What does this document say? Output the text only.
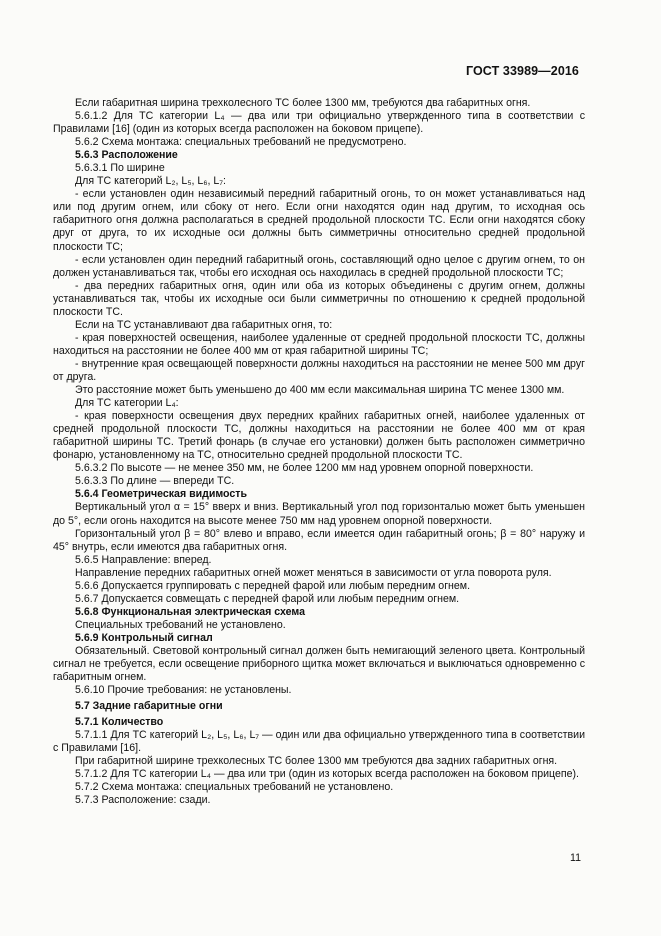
ГОСТ 33989—2016

Если габаритная ширина трехколесного ТС более 1300 мм, требуются два габаритных огня.

5.6.1.2 Для ТС категории L₄ — два или три официально утвержденного типа в соответствии с Правилами [16] (один из которых всегда расположен на боковом прицепе).

5.6.2 Схема монтажа: специальных требований не предусмотрено.

5.6.3 Расположение

5.6.3.1 По ширине

Для ТС категорий L₂, L₅, L₆, L₇:

- если установлен один независимый передний габаритный огонь, то он может устанавливаться над или под другим огнем, или сбоку от него. Если огни находятся один над другим, то исходная ось габаритного огня должна располагаться в средней продольной плоскости ТС. Если огни находятся сбоку друг от друга, то их исходные оси должны быть симметричны относительно средней продольной плоскости ТС;

- если установлен один передний габаритный огонь, составляющий одно целое с другим огнем, то он должен устанавливаться так, чтобы его исходная ось находилась в средней продольной плоскости ТС;

- два передних габаритных огня, один или оба из которых объединены с другим огнем, должны устанавливаться так, чтобы их исходные оси были симметричны по отношению к средней продольной плоскости ТС.

Если на ТС устанавливают два габаритных огня, то:

- края поверхностей освещения, наиболее удаленные от средней продольной плоскости ТС, должны находиться на расстоянии не более 400 мм от края габаритной ширины ТС;

- внутренние края освещающей поверхности должны находиться на расстоянии не менее 500 мм друг от друга.

Это расстояние может быть уменьшено до 400 мм если максимальная ширина ТС менее 1300 мм.

Для ТС категории L₄:

- края поверхности освещения двух передних крайних габаритных огней, наиболее удаленных от средней продольной плоскости ТС, должны находиться на расстоянии не более 400 мм от края габаритной ширины ТС. Третий фонарь (в случае его установки) должен быть расположен симметрично фонарю, установленному на ТС, относительно средней продольной плоскости ТС.

5.6.3.2 По высоте — не менее 350 мм, не более 1200 мм над уровнем опорной поверхности.

5.6.3.3 По длине — впереди ТС.

5.6.4 Геометрическая видимость

Вертикальный угол α = 15° вверх и вниз. Вертикальный угол под горизонталью может быть уменьшен до 5°, если огонь находится на высоте менее 750 мм над уровнем опорной поверхности.

Горизонтальный угол β = 80° влево и вправо, если имеется один габаритный огонь; β = 80° наружу и 45° внутрь, если имеются два габаритных огня.

5.6.5 Направление: вперед.

Направление передних габаритных огней может меняться в зависимости от угла поворота руля.

5.6.6 Допускается группировать с передней фарой или любым передним огнем.

5.6.7 Допускается совмещать с передней фарой или любым передним огнем.

5.6.8 Функциональная электрическая схема

Специальных требований не установлено.

5.6.9 Контрольный сигнал

Обязательный. Световой контрольный сигнал должен быть немигающий зеленого цвета. Контрольный сигнал не требуется, если освещение приборного щитка может включаться и выключаться одновременно с габаритным огнем.

5.6.10 Прочие требования: не установлены.

5.7 Задние габаритные огни

5.7.1 Количество

5.7.1.1 Для ТС категорий L₂, L₅, L₆, L₇ — один или два официально утвержденного типа в соответствии с Правилами [16].

При габаритной ширине трехколесных ТС более 1300 мм требуются два задних габаритных огня.

5.7.1.2 Для ТС категории L₄ — два или три (один из которых всегда расположен на боковом прицепе).

5.7.2 Схема монтажа: специальных требований не установлено.

5.7.3 Расположение: сзади.

11
